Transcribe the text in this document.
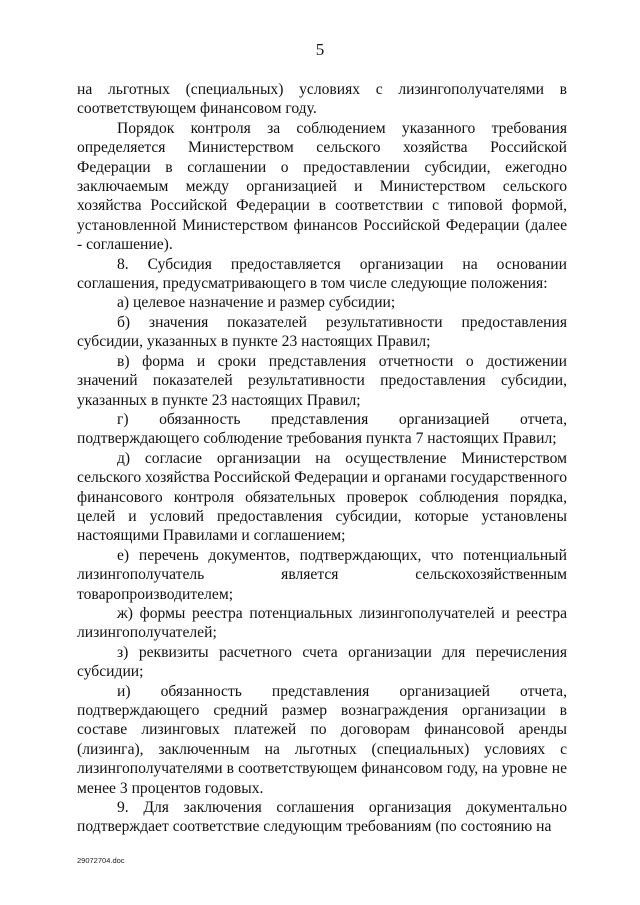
5

на льготных (специальных) условиях с лизингополучателями в соответствующем финансовом году.

Порядок контроля за соблюдением указанного требования определяется Министерством сельского хозяйства Российской Федерации в соглашении о предоставлении субсидии, ежегодно заключаемым между организацией и Министерством сельского хозяйства Российской Федерации в соответствии с типовой формой, установленной Министерством финансов Российской Федерации (далее - соглашение).

8. Субсидия предоставляется организации на основании соглашения, предусматривающего в том числе следующие положения:

а) целевое назначение и размер субсидии;

б) значения показателей результативности предоставления субсидии, указанных в пункте 23 настоящих Правил;

в) форма и сроки представления отчетности о достижении значений показателей результативности предоставления субсидии, указанных в пункте 23 настоящих Правил;

г) обязанность представления организацией отчета, подтверждающего соблюдение требования пункта 7 настоящих Правил;

д) согласие организации на осуществление Министерством сельского хозяйства Российской Федерации и органами государственного финансового контроля обязательных проверок соблюдения порядка, целей и условий предоставления субсидии, которые установлены настоящими Правилами и соглашением;

е) перечень документов, подтверждающих, что потенциальный лизингополучатель является сельскохозяйственным товаропроизводителем;

ж) формы реестра потенциальных лизингополучателей и реестра лизингополучателей;

з) реквизиты расчетного счета организации для перечисления субсидии;

и) обязанность представления организацией отчета, подтверждающего средний размер вознаграждения организации в составе лизинговых платежей по договорам финансовой аренды (лизинга), заключенным на льготных (специальных) условиях с лизингополучателями в соответствующем финансовом году, на уровне не менее 3 процентов годовых.

9. Для заключения соглашения организация документально подтверждает соответствие следующим требованиям (по состоянию на

29072704.doc
